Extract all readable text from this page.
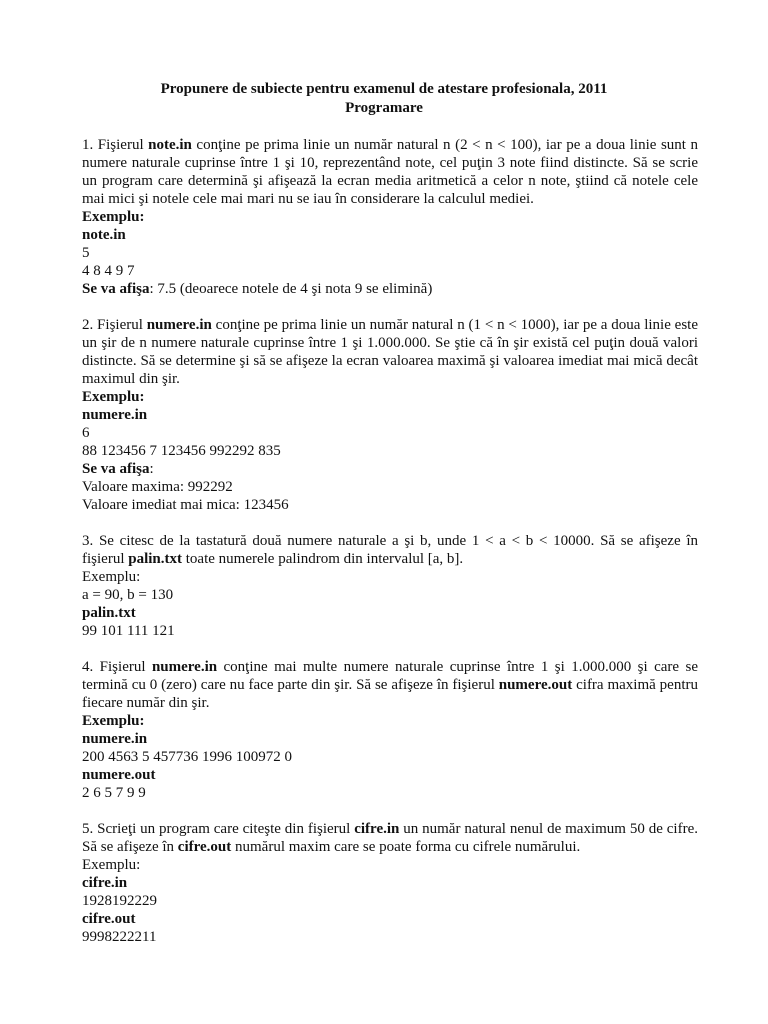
Propunere de subiecte pentru examenul de atestare profesionala, 2011
Programare
1. Fişierul note.in conţine pe prima linie un număr natural n (2 < n < 100), iar pe a doua linie sunt n numere naturale cuprinse între 1 şi 10, reprezentând note, cel puţin 3 note fiind distincte. Să se scrie un program care determină şi afişează la ecran media aritmetică a celor n note, ştiind că notele cele mai mici şi notele cele mai mari nu se iau în considerare la calculul mediei.
Exemplu:
note.in
5
4 8 4 9 7
Se va afişa: 7.5 (deoarece notele de 4 şi nota 9 se elimină)
2. Fişierul numere.in conţine pe prima linie un număr natural n (1 < n < 1000), iar pe a doua linie este un şir de n numere naturale cuprinse între 1 şi 1.000.000. Se ştie că în şir există cel puţin două valori distincte. Să se determine şi să se afişeze la ecran valoarea maximă şi valoarea imediat mai mică decât maximul din şir.
Exemplu:
numere.in
6
88 123456 7 123456 992292 835
Se va afişa:
Valoare maxima: 992292
Valoare imediat mai mica: 123456
3. Se citesc de la tastatură două numere naturale a şi b, unde 1 < a < b < 10000. Să se afişeze în fişierul palin.txt toate numerele palindrom din intervalul [a, b].
Exemplu:
a = 90, b = 130
palin.txt
99 101 111 121
4. Fişierul numere.in conţine mai multe numere naturale cuprinse între 1 şi 1.000.000 şi care se termină cu 0 (zero) care nu face parte din şir. Să se afişeze în fişierul numere.out cifra maximă pentru fiecare număr din şir.
Exemplu:
numere.in
200 4563 5 457736 1996 100972 0
numere.out
2 6 5 7 9 9
5. Scrieţi un program care citeşte din fişierul cifre.in un număr natural nenul de maximum 50 de cifre. Să se afişeze în cifre.out numărul maxim care se poate forma cu cifrele numărului.
Exemplu:
cifre.in
1928192229
cifre.out
9998222211
